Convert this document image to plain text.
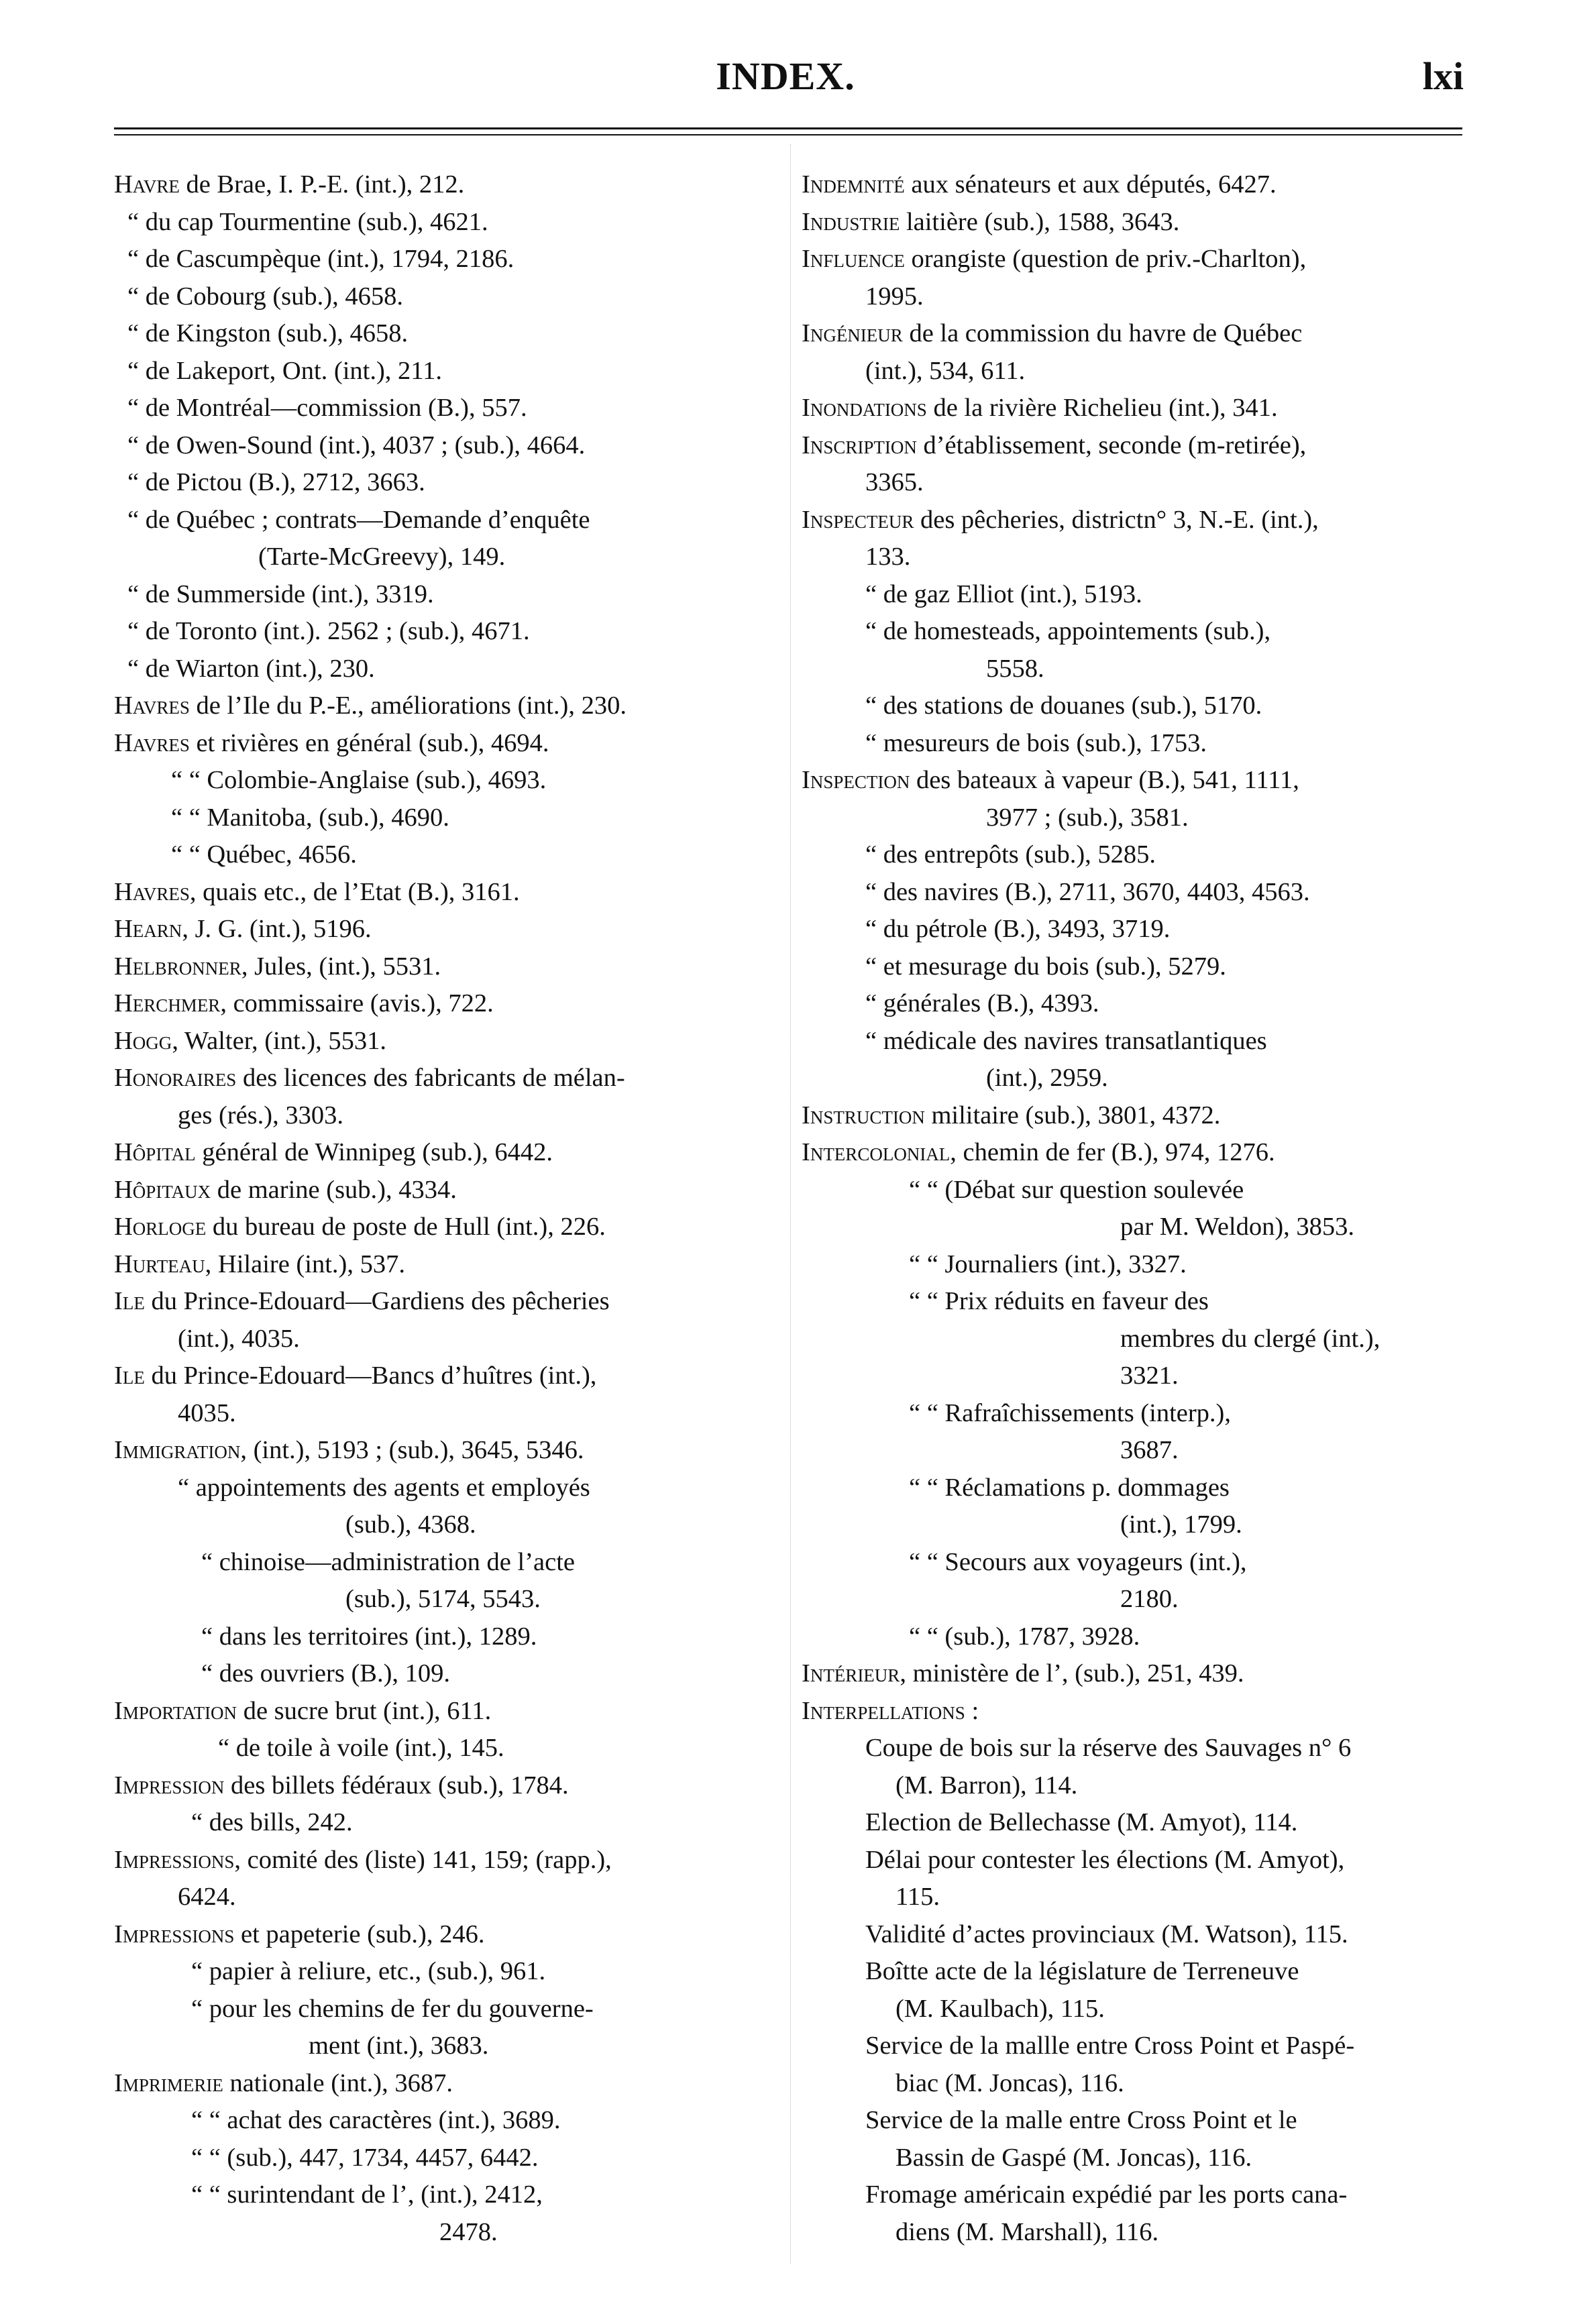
INDEX.	lxi
Havre de Brae, I. P.-E. (int.), 212.
“ du cap Tourmentine (sub.), 4621.
“ de Cascumpèque (int.), 1794, 2186.
“ de Cobourg (sub.), 4658.
“ de Kingston (sub.), 4658.
“ de Lakeport, Ont. (int.), 211.
“ de Montréal—commission (B.), 557.
“ de Owen-Sound (int.), 4037 ; (sub.), 4664.
“ de Pictou (B.), 2712, 3663.
“ de Québec ; contrats—Demande d’enquête
(Tarte-McGreevy), 149.
“ de Summerside (int.), 3319.
“ de Toronto (int.). 2562 ; (sub.), 4671.
“ de Wiarton (int.), 230.
Havres de l’Ile du P.-E., améliorations (int.), 230.
Havres et rivières en général (sub.), 4694.
“ “ Colombie-Anglaise (sub.), 4693.
“ “ Manitoba, (sub.), 4690.
“ “ Québec, 4656.
Havres, quais etc., de l’Etat (B.), 3161.
Hearn, J. G. (int.), 5196.
Helbronner, Jules, (int.), 5531.
Herchmer, commissaire (avis.), 722.
Hogg, Walter, (int.), 5531.
Honoraires des licences des fabricants de mélan-
ges (rés.), 3303.
Hôpital général de Winnipeg (sub.), 6442.
Hôpitaux de marine (sub.), 4334.
Horloge du bureau de poste de Hull (int.), 226.
Hurteau, Hilaire (int.), 537.
Ile du Prince-Edouard—Gardiens des pêcheries
(int.), 4035.
Ile du Prince-Edouard—Bancs d’huîtres (int.),
4035.
Immigration, (int.), 5193 ; (sub.), 3645, 5346.
“ appointements des agents et employés
(sub.), 4368.
“ chinoise—administration de l’acte
(sub.), 5174, 5543.
“ dans les territoires (int.), 1289.
“ des ouvriers (B.), 109.
Importation de sucre brut (int.), 611.
“ de toile à voile (int.), 145.
Impression des billets fédéraux (sub.), 1784.
“ des bills, 242.
Impressions, comité des (liste) 141, 159; (rapp.),
6424.
Impressions et papeterie (sub.), 246.
“ papier à reliure, etc., (sub.), 961.
“ pour les chemins de fer du gouverne-
ment (int.), 3683.
Imprimerie nationale (int.), 3687.
“ “ achat des caractères (int.), 3689.
“ “ (sub.), 447, 1734, 4457, 6442.
“ “ surintendant de l’, (int.), 2412,
2478.
Indemnité aux sénateurs et aux députés, 6427.
Industrie laitière (sub.), 1588, 3643.
Influence orangiste (question de priv.-Charlton),
1995.
Ingénieur de la commission du havre de Québec
(int.), 534, 611.
Inondations de la rivière Richelieu (int.), 341.
Inscription d’établissement, seconde (m-retirée),
3365.
Inspecteur des pêcheries, districtn° 3, N.-E. (int.),
133.
“ de gaz Elliot (int.), 5193.
“ de homesteads, appointements (sub.),
5558.
“ des stations de douanes (sub.), 5170.
“ mesureurs de bois (sub.), 1753.
Inspection des bateaux à vapeur (B.), 541, 1111,
3977 ; (sub.), 3581.
“ des entrepôts (sub.), 5285.
“ des navires (B.), 2711, 3670, 4403, 4563.
“ du pétrole (B.), 3493, 3719.
“ et mesurage du bois (sub.), 5279.
“ générales (B.), 4393.
“ médicale des navires transatlantiques
(int.), 2959.
Instruction militaire (sub.), 3801, 4372.
Intercolonial, chemin de fer (B.), 974, 1276.
“ “ (Débat sur question soulevée
par M. Weldon), 3853.
“ “ Journaliers (int.), 3327.
“ “ Prix réduits en faveur des
membres du clergé (int.),
3321.
“ “ Rafraîchissements (interp.),
3687.
“ “ Réclamations p. dommages
(int.), 1799.
“ “ Secours aux voyageurs (int.),
2180.
“ “ (sub.), 1787, 3928.
Intérieur, ministère de l’, (sub.), 251, 439.
Interpellations :
Coupe de bois sur la réserve des Sauvages n° 6
(M. Barron), 114.
Election de Bellechasse (M. Amyot), 114.
Délai pour contester les élections (M. Amyot),
115.
Validité d’actes provinciaux (M. Watson), 115.
Boîtte acte de la législature de Terreneuve
(M. Kaulbach), 115.
Service de la mallle entre Cross Point et Paspé-
biac (M. Joncas), 116.
Service de la malle entre Cross Point et le
Bassin de Gaspé (M. Joncas), 116.
Fromage américain expédié par les ports cana-
diens (M. Marshall), 116.
